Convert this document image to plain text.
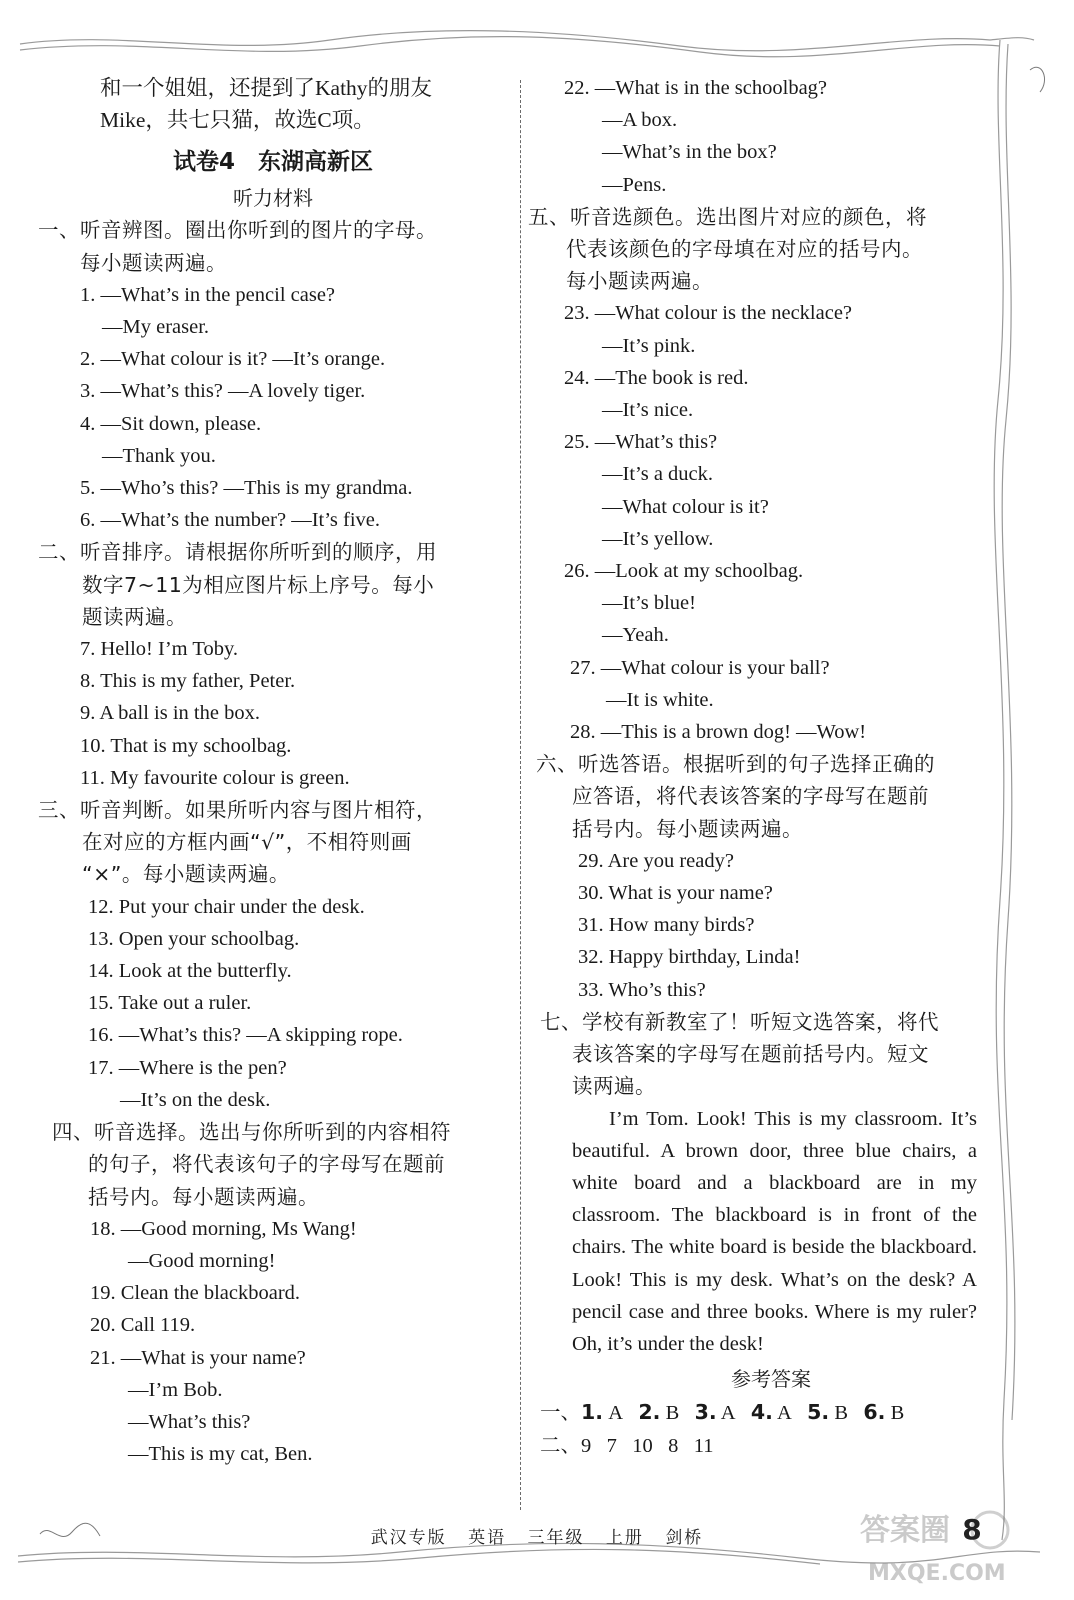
和一个姐姐，还提到了Kathy的朋友
Mike，共七只猫，故选C项。
试卷4　东湖高新区
听力材料
一、听音辨图。圈出你听到的图片的字母。
每小题读两遍。
1. —What’s in the pencil case?
—My eraser.
2. —What colour is it? —It’s orange.
3. —What’s this? —A lovely tiger.
4. —Sit down, please.
—Thank you.
5. —Who’s this? —This is my grandma.
6. —What’s the number? —It’s five.
二、听音排序。请根据你所听到的顺序，用
数字7~11为相应图片标上序号。每小
题读两遍。
7. Hello! I’m Toby.
8. This is my father, Peter.
9. A ball is in the box.
10. That is my schoolbag.
11. My favourite colour is green.
三、听音判断。如果所听内容与图片相符，
在对应的方框内画“√”，不相符则画
“×”。每小题读两遍。
12. Put your chair under the desk.
13. Open your schoolbag.
14. Look at the butterfly.
15. Take out a ruler.
16. —What’s this? —A skipping rope.
17. —Where is the pen?
—It’s on the desk.
四、听音选择。选出与你所听到的内容相符
的句子，将代表该句子的字母写在题前
括号内。每小题读两遍。
18. —Good morning, Ms Wang!
—Good morning!
19. Clean the blackboard.
20. Call 119.
21. —What is your name?
—I’m Bob.
—What’s this?
—This is my cat, Ben.
22. —What is in the schoolbag?
—A box.
—What’s in the box?
—Pens.
五、听音选颜色。选出图片对应的颜色，将
代表该颜色的字母填在对应的括号内。
每小题读两遍。
23. —What colour is the necklace?
—It’s pink.
24. —The book is red.
—It’s nice.
25. —What’s this?
—It’s a duck.
—What colour is it?
—It’s yellow.
26. —Look at my schoolbag.
—It’s blue!
—Yeah.
27. —What colour is your ball?
—It is white.
28. —This is a brown dog! —Wow!
六、听选答语。根据听到的句子选择正确的
应答语，将代表该答案的字母写在题前
括号内。每小题读两遍。
29. Are you ready?
30. What is your name?
31. How many birds?
32. Happy birthday, Linda!
33. Who’s this?
七、学校有新教室了！听短文选答案，将代
表该答案的字母写在题前括号内。短文
读两遍。
I’m Tom. Look! This is my classroom. It’s beautiful. A brown door, three blue chairs, a white board and a blackboard are in my classroom. The blackboard is in front of the chairs. The white board is beside the blackboard. Look! This is my desk. What’s on the desk? A pencil case and three books. Where is my ruler? Oh, it’s under the desk!
参考答案
一、1. A 2. B 3. A 4. A 5. B 6. B
二、9 7 10 8 11
答案圈
MXQE.COM
8
武汉专版 英语 三年级 上册 剑桥
